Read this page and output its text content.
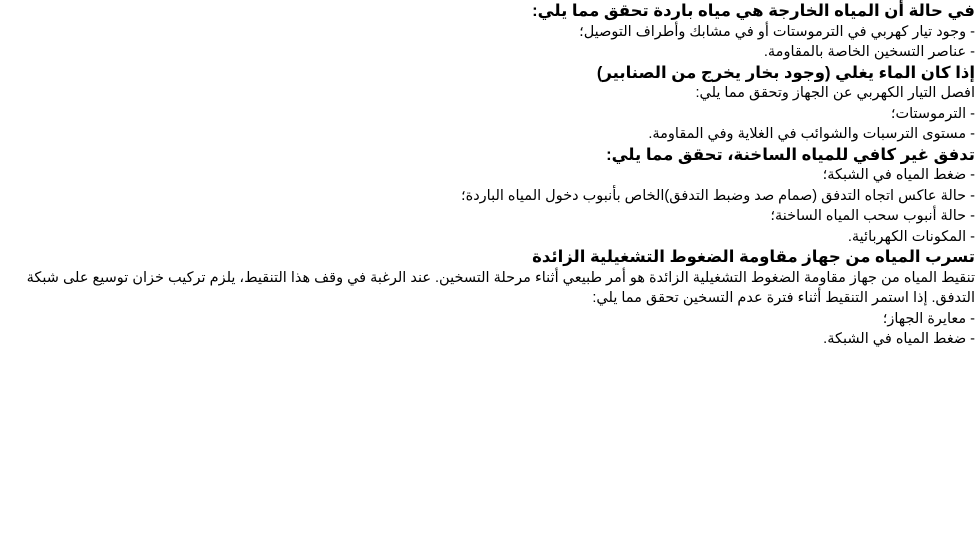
في حالة أن المياه الخارجة هي مياه باردة تحقق مما يلي:
- وجود تيار كهربي في الترموستات أو في مشابك وأطراف التوصيل؛
- عناصر التسخين الخاصة بالمقاومة.
إذا كان الماء يغلي (وجود بخار يخرج من الصنابير)
افصل التيار الكهربي عن الجهاز وتحقق مما يلي:
- الترموستات؛
- مستوى الترسبات والشوائب في الغلاية وفي المقاومة.
تدفق غير كافي للمياه الساخنة، تحقق مما يلي:
- ضغط المياه في الشبكة؛
- حالة عاكس اتجاه التدفق (صمام صد وضبط التدفق)الخاص بأنبوب دخول المياه الباردة؛
- حالة أنبوب سحب المياه الساخنة؛
- المكونات الكهربائية.
تسرب المياه من جهاز مقاومة الضغوط التشغيلية الزائدة
تنقيط المياه من جهاز مقاومة الضغوط التشغيلية الزائدة هو أمر طبيعي أثناء مرحلة التسخين. عند الرغبة في وقف هذا التنقيط، يلزم تركيب خزان توسيع على شبكة التدفق. إذا استمر التنقيط أثناء فترة عدم التسخين تحقق مما يلي:
- معايرة الجهاز؛
- ضغط المياه في الشبكة.
